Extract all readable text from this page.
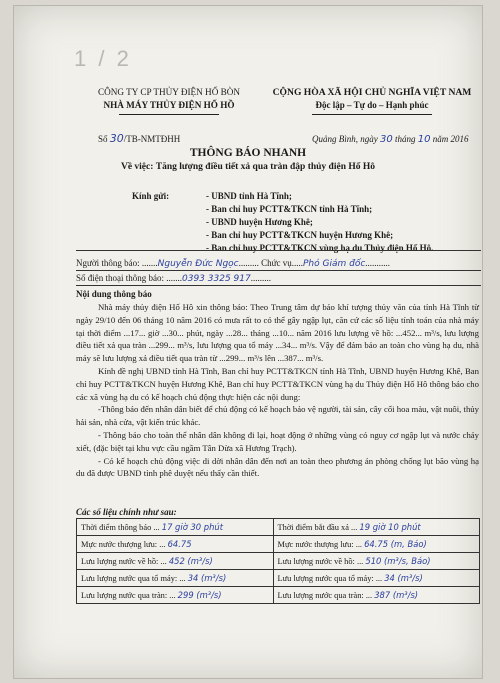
1 / 2
CÔNG TY CP THỦY ĐIỆN HỐ BÒN
NHÀ MÁY THỦY ĐIỆN HỐ HỒ
CỘNG HÒA XÃ HỘI CHỦ NGHĨA VIỆT NAM
Độc lập – Tự do – Hạnh phúc
Số 30/TB-NMTĐHH	Quảng Bình, ngày 30 tháng 10 năm 2016
THÔNG BÁO NHANH
Về việc: Tăng lượng điều tiết xả qua tràn đập thủy điện Hố Hô
Kính gửi:	- UBND tỉnh Hà Tĩnh;
- Ban chỉ huy PCTT&TKCN tỉnh Hà Tĩnh;
- UBND huyện Hương Khê;
- Ban chỉ huy PCTT&TKCN huyện Hương Khê;
- Ban chỉ huy PCTT&TKCN vùng hạ du Thủy điện Hố Hô.
Người thông báo: .......Nguyễn Đức Ngọc......... Chức vụ.....Phó Giám đốc...........
Số điện thoại thông báo: .......0393 3325 917.........
Nội dung thông báo

Nhà máy thủy điện Hố Hô xin thông báo: Theo Trung tâm dự báo khí tượng thủy văn của tỉnh Hà Tĩnh từ ngày 29/10 đến 06 tháng 10 năm 2016 có mưa rất to có thể gây ngập lụt, căn cứ các số liệu tính toán của nhà máy tại thời điểm ...17... giờ ...30... phút, ngày ...28... tháng ...10... năm 2016 lưu lượng về hồ: ...452... m³/s, lưu lượng điều tiết xả qua tràn ...299... m³/s, lưu lượng qua tổ máy ...34... m³/s. Vậy để đảm bảo an toàn cho vùng hạ du, nhà máy sẽ lưu lượng xả điều tiết qua tràn từ ...299... m³/s lên ...387... m³/s.

Kính đề nghị UBND tỉnh Hà Tĩnh, Ban chỉ huy PCTT&TKCN tỉnh Hà Tĩnh, UBND huyện Hương Khê, Ban chỉ huy PCTT&TKCN huyện Hương Khê, Ban chỉ huy PCTT&TKCN vùng hạ du Thủy điện Hố Hô thông báo cho các xã vùng hạ du có kế hoạch chủ động thực hiện các nội dung:

-Thông báo đến nhân dân biết để chủ động có kế hoạch bảo vệ người, tài sản, cây cối hoa màu, vật nuôi, thủy hải sản, nhà cửa, vật kiến trúc khác.

- Thông báo cho toàn thể nhân dân không đi lại, hoạt động ở những vùng có nguy cơ ngập lụt và nước chảy xiết, (đặc biệt tại khu vực cầu ngầm Tân Dừa xã Hương Trạch).

- Có kế hoạch chủ động việc di dời nhân dân đến nơi an toàn theo phương án phòng chống lụt bão vùng hạ du đã được UBND tỉnh phê duyệt nếu thấy cần thiết.

Các số liệu chính như sau:
Thời điểm thông báo ... 17 giờ 30 phút	Thời điểm bắt đầu xả ... 19 giờ 10 phút
Mực nước thượng lưu: ... 64.75	Mực nước thượng lưu: ... 64.75 (m, Báo)
Lưu lượng nước về hồ: ... 452 (m³/s)	Lưu lượng nước về hồ: ... 510 (m³/s, Báo)
Lưu lượng nước qua tổ máy: ... 34 (m³/s)	Lưu lượng nước qua tổ máy: ... 34 (m³/s)
Lưu lượng nước qua tràn: ... 299 (m³/s)	Lưu lượng nước qua tràn: ... 387 (m³/s)
